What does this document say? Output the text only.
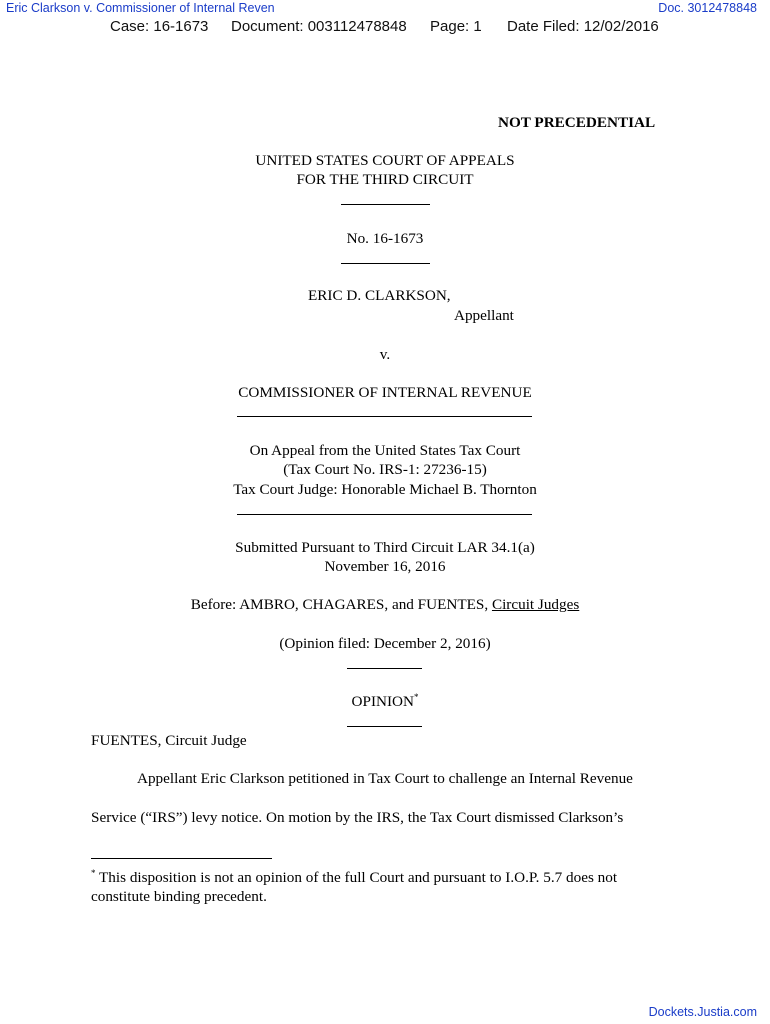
Eric Clarkson v. Commissioner of Internal Reven	Doc. 3012478848
Case: 16-1673 Document: 003112478848 Page: 1 Date Filed: 12/02/2016
NOT PRECEDENTIAL
UNITED STATES COURT OF APPEALS
FOR THE THIRD CIRCUIT
No. 16-1673
ERIC D. CLARKSON,
Appellant
v.
COMMISSIONER OF INTERNAL REVENUE
On Appeal from the United States Tax Court
(Tax Court No. IRS-1: 27236-15)
Tax Court Judge: Honorable Michael B. Thornton
Submitted Pursuant to Third Circuit LAR 34.1(a)
November 16, 2016
Before: AMBRO, CHAGARES, and FUENTES, Circuit Judges
(Opinion filed: December 2, 2016)
OPINION*
FUENTES, Circuit Judge
Appellant Eric Clarkson petitioned in Tax Court to challenge an Internal Revenue
Service (“IRS”) levy notice. On motion by the IRS, the Tax Court dismissed Clarkson’s
* This disposition is not an opinion of the full Court and pursuant to I.O.P. 5.7 does not
constitute binding precedent.
Dockets.Justia.com
